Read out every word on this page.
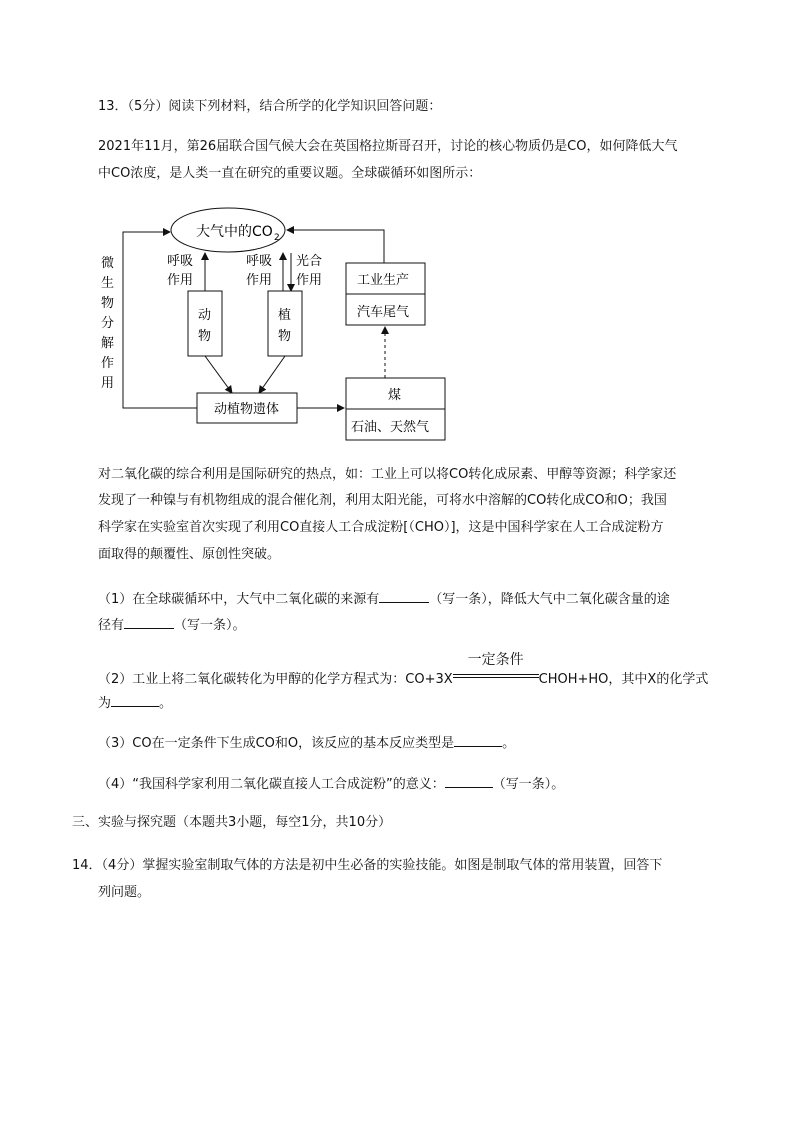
13．（5分）阅读下列材料，结合所学的化学知识回答问题：
2021年11月，第26届联合国气候大会在英国格拉斯哥召开，讨论的核心物质仍是CO，如何降低大气
中CO浓度，是人类一直在研究的重要议题。全球碳循环如图所示：
大气中的CO 2
微
生
物
分
解
作
用
呼吸
作用
呼吸
作用
光合
作用
动
物
植
物
动植物遗体
煤
石油、天然气
工业生产
汽车尾气
对二氧化碳的综合利用是国际研究的热点，如：工业上可以将CO转化成尿素、甲醇等资源；科学家还
发现了一种镍与有机物组成的混合催化剂，利用太阳光能，可将水中溶解的CO转化成CO和O；我国
科学家在实验室首次实现了利用CO直接人工合成淀粉[（CHO）]，这是中国科学家在人工合成淀粉方
面取得的颠覆性、原创性突破。
（1）在全球碳循环中，大气中二氧化碳的来源有	（写一条），降低大气中二氧化碳含量的途
径有	（写一条）。
（2）工业上将二氧化碳转化为甲醇的化学方程式为：CO+3X
一定条件
CHOH+HO，其中X的化学式
为	。
（3）CO在一定条件下生成CO和O，该反应的基本反应类型是	。
（4）“我国科学家利用二氧化碳直接人工合成淀粉”的意义：	（写一条）。
三、实验与探究题（本题共3小题，每空1分，共10分）
14．（4分）掌握实验室制取气体的方法是初中生必备的实验技能。如图是制取气体的常用装置，回答下
列问题。
